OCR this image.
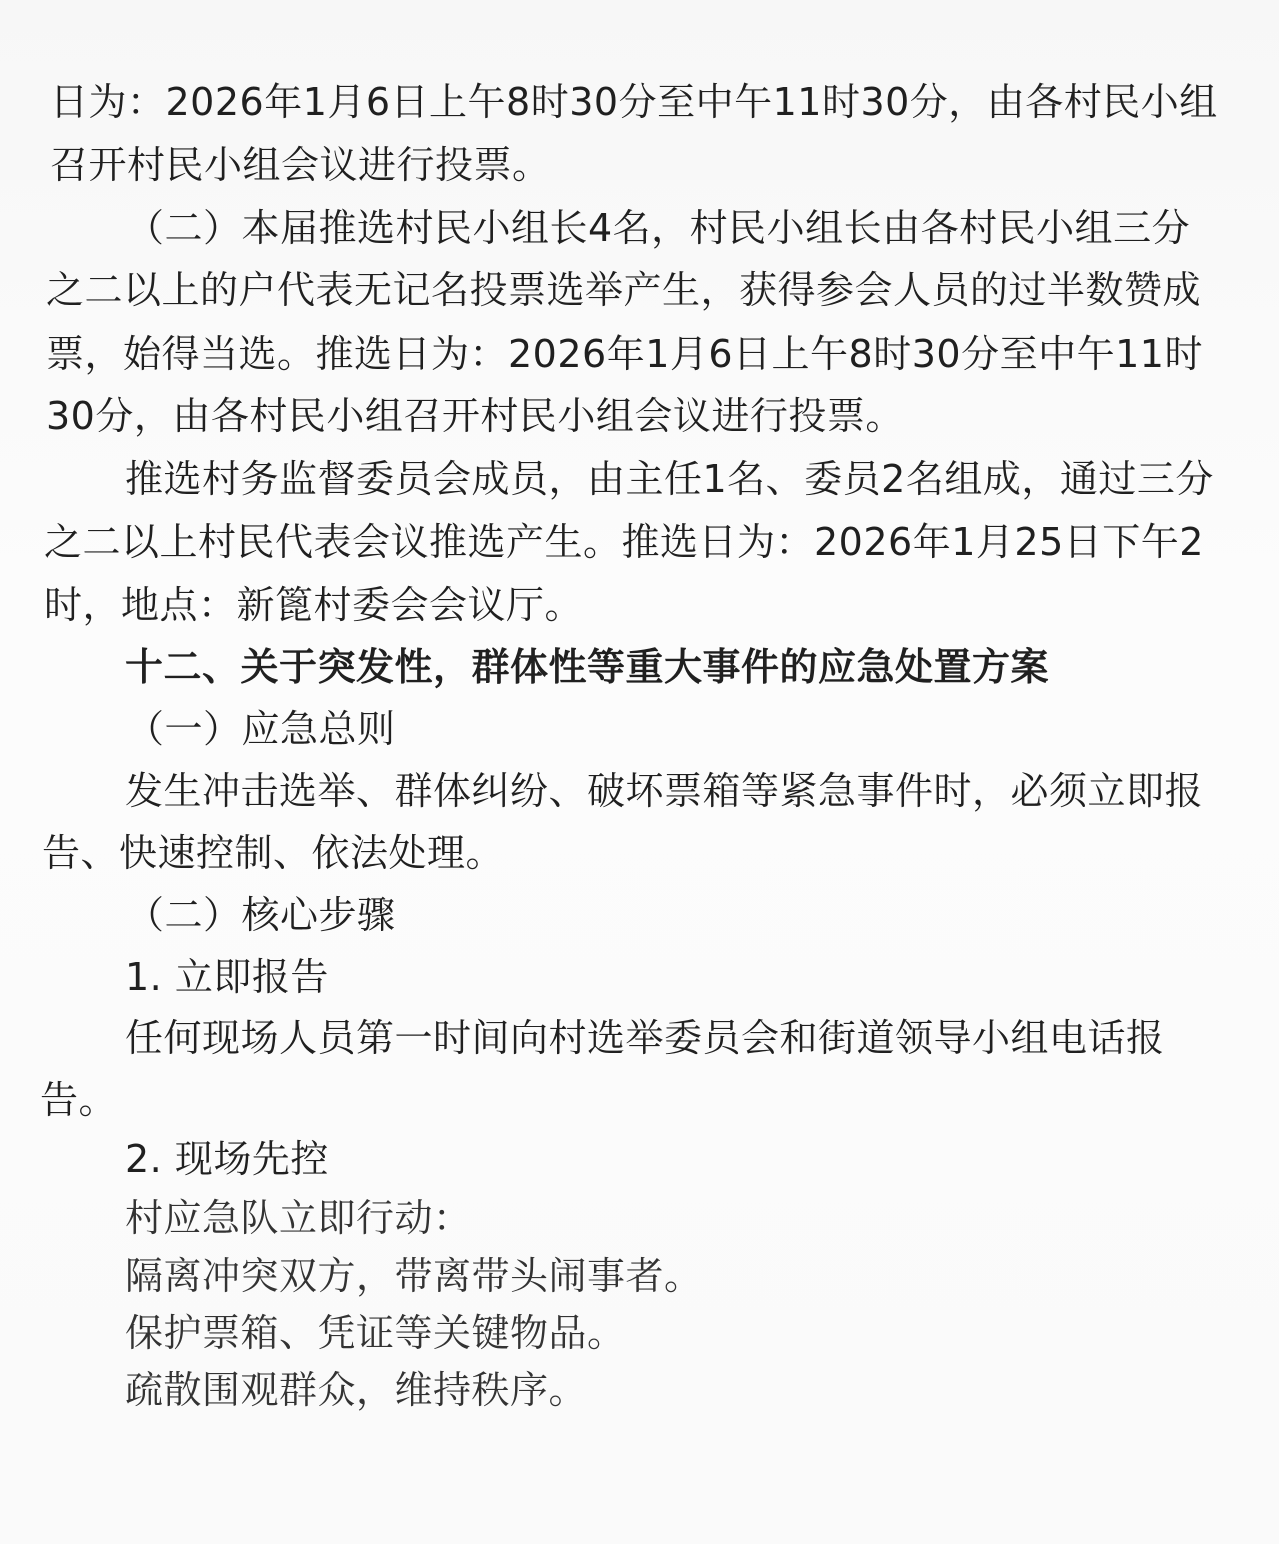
日为：2026年1月6日上午8时30分至中午11时30分，由各村民小组
召开村民小组会议进行投票。
（二）本届推选村民小组长4名，村民小组长由各村民小组三分
之二以上的户代表无记名投票选举产生，获得参会人员的过半数赞成
票，始得当选。推选日为：2026年1月6日上午8时30分至中午11时
30分，由各村民小组召开村民小组会议进行投票。
推选村务监督委员会成员，由主任1名、委员2名组成，通过三分
之二以上村民代表会议推选产生。推选日为：2026年1月25日下午2
时，地点：新篦村委会会议厅。
十二、关于突发性，群体性等重大事件的应急处置方案
（一）应急总则
发生冲击选举、群体纠纷、破坏票箱等紧急事件时，必须立即报
告、快速控制、依法处理。
（二）核心步骤
1. 立即报告
任何现场人员第一时间向村选举委员会和街道领导小组电话报
告。
2. 现场先控
村应急队立即行动：
隔离冲突双方，带离带头闹事者。
保护票箱、凭证等关键物品。
疏散围观群众，维持秩序。
